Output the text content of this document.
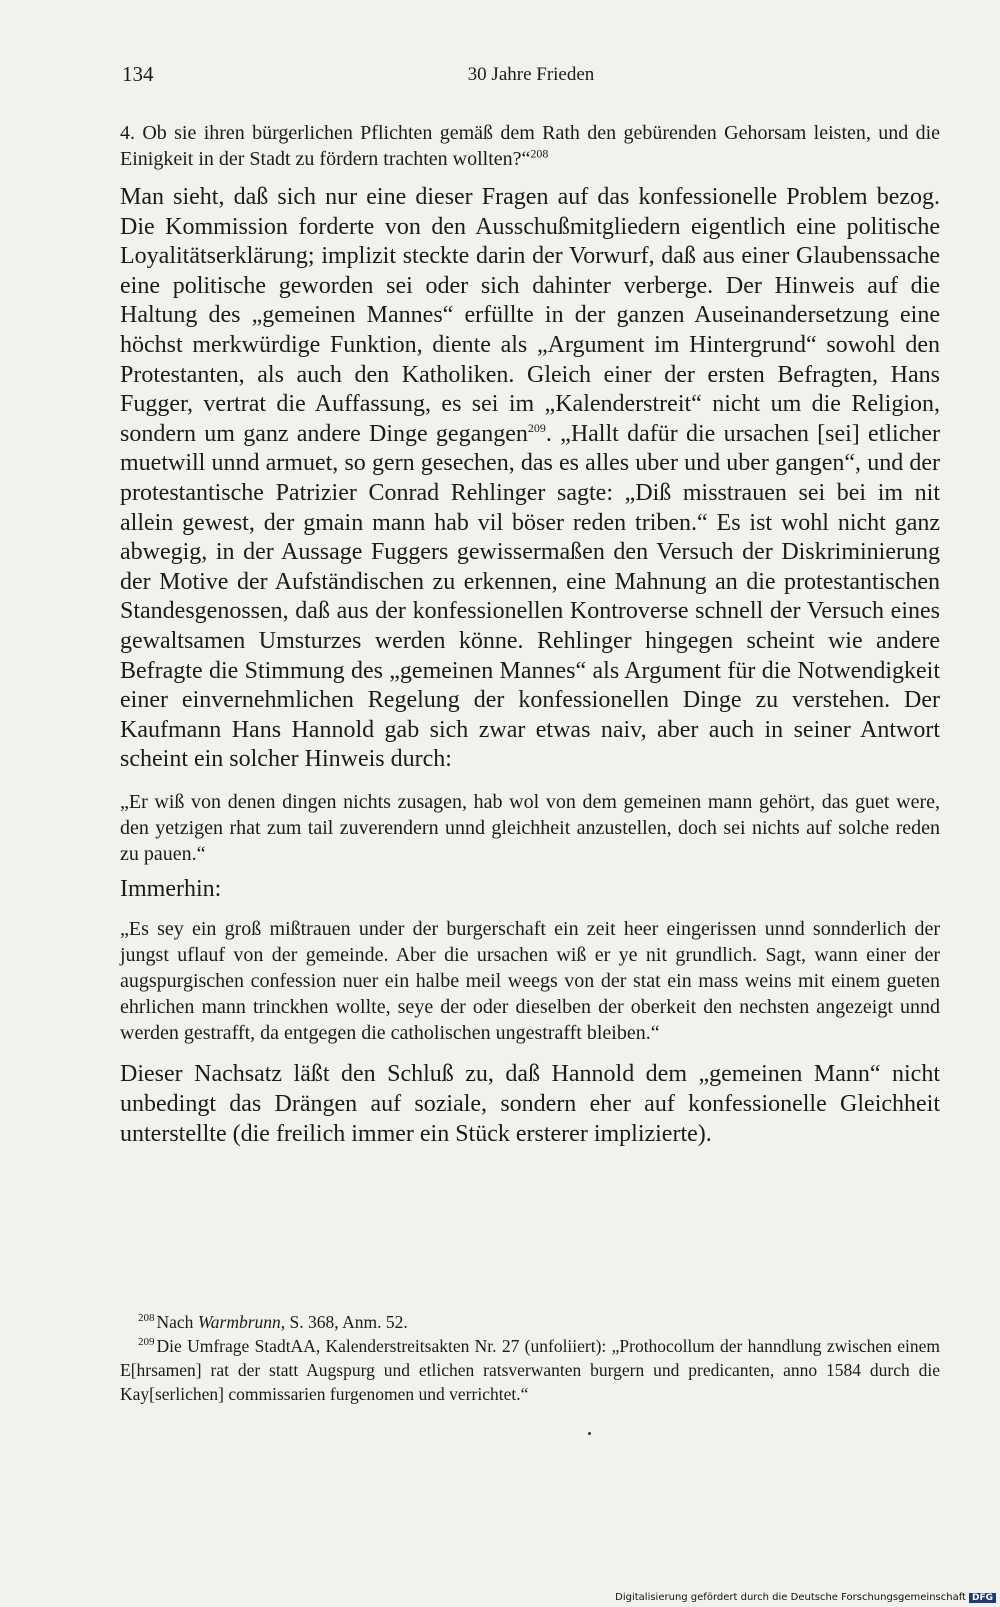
134	30 Jahre Frieden

4. Ob sie ihren bürgerlichen Pflichten gemäß dem Rath den gebürenden Gehorsam leisten, und die Einigkeit in der Stadt zu fördern trachten wollten?“$^{208}$

Man sieht, daß sich nur eine dieser Fragen auf das konfessionelle Problem bezog. Die Kommission forderte von den Ausschußmitgliedern eigentlich eine politische Loyalitätserklärung; implizit steckte darin der Vorwurf, daß aus einer Glaubenssache eine politische geworden sei oder sich dahinter verberge. Der Hinweis auf die Haltung des „gemeinen Mannes“ erfüllte in der ganzen Auseinandersetzung eine höchst merkwürdige Funktion, diente als „Argument im Hintergrund“ sowohl den Protestanten, als auch den Katholiken. Gleich einer der ersten Befragten, Hans Fugger, vertrat die Auffassung, es sei im „Kalenderstreit“ nicht um die Religion, sondern um ganz andere Dinge gegangen$^{209}$. „Hallt dafür die ursachen [sei] etlicher muetwill unnd armuet, so gern gesechen, das es alles uber und uber gangen“, und der protestantische Patrizier Conrad Rehlinger sagte: „Diß misstrauen sei bei im nit allein gewest, der gmain mann hab vil böser reden triben.“ Es ist wohl nicht ganz abwegig, in der Aussage Fuggers gewissermaßen den Versuch der Diskriminierung der Motive der Aufständischen zu erkennen, eine Mahnung an die protestantischen Standesgenossen, daß aus der konfessionellen Kontroverse schnell der Versuch eines gewaltsamen Umsturzes werden könne. Rehlinger hingegen scheint wie andere Befragte die Stimmung des „gemeinen Mannes“ als Argument für die Notwendigkeit einer einvernehmlichen Regelung der konfessionellen Dinge zu verstehen. Der Kaufmann Hans Hannold gab sich zwar etwas naiv, aber auch in seiner Antwort scheint ein solcher Hinweis durch:

„Er wiß von denen dingen nichts zusagen, hab wol von dem gemeinen mann gehört, das guet were, den yetzigen rhat zum tail zuverendern unnd gleichheit anzustellen, doch sei nichts auf solche reden zu pauen.“

Immerhin:

„Es sey ein groß mißtrauen under der burgerschaft ein zeit heer eingerissen unnd sonnderlich der jungst uflauf von der gemeinde. Aber die ursachen wiß er ye nit grundlich. Sagt, wann einer der augspurgischen confession nuer ein halbe meil weegs von der stat ein mass weins mit einem gueten ehrlichen mann trinckhen wollte, seye der oder dieselben der oberkeit den nechsten angezeigt unnd werden gestrafft, da entgegen die catholischen ungestrafft bleiben.“

Dieser Nachsatz läßt den Schluß zu, daß Hannold dem „gemeinen Mann“ nicht unbedingt das Drängen auf soziale, sondern eher auf konfessionelle Gleichheit unterstellte (die freilich immer ein Stück ersterer implizierte).

$^{208}$ Nach Warmbrunn, S. 368, Anm. 52.

$^{209}$ Die Umfrage StadtAA, Kalenderstreitsakten Nr. 27 (unfoliiert): „Prothocollum der hanndlung zwischen einem E[hrsamen] rat der statt Augspurg und etlichen ratsverwanten burgern und predicanten, anno 1584 durch die Kay[serlichen] commissarien furgenomen und verrichtet.“

Digitalisierung gefördert durch die Deutsche Forschungsgemeinschaft DFG
